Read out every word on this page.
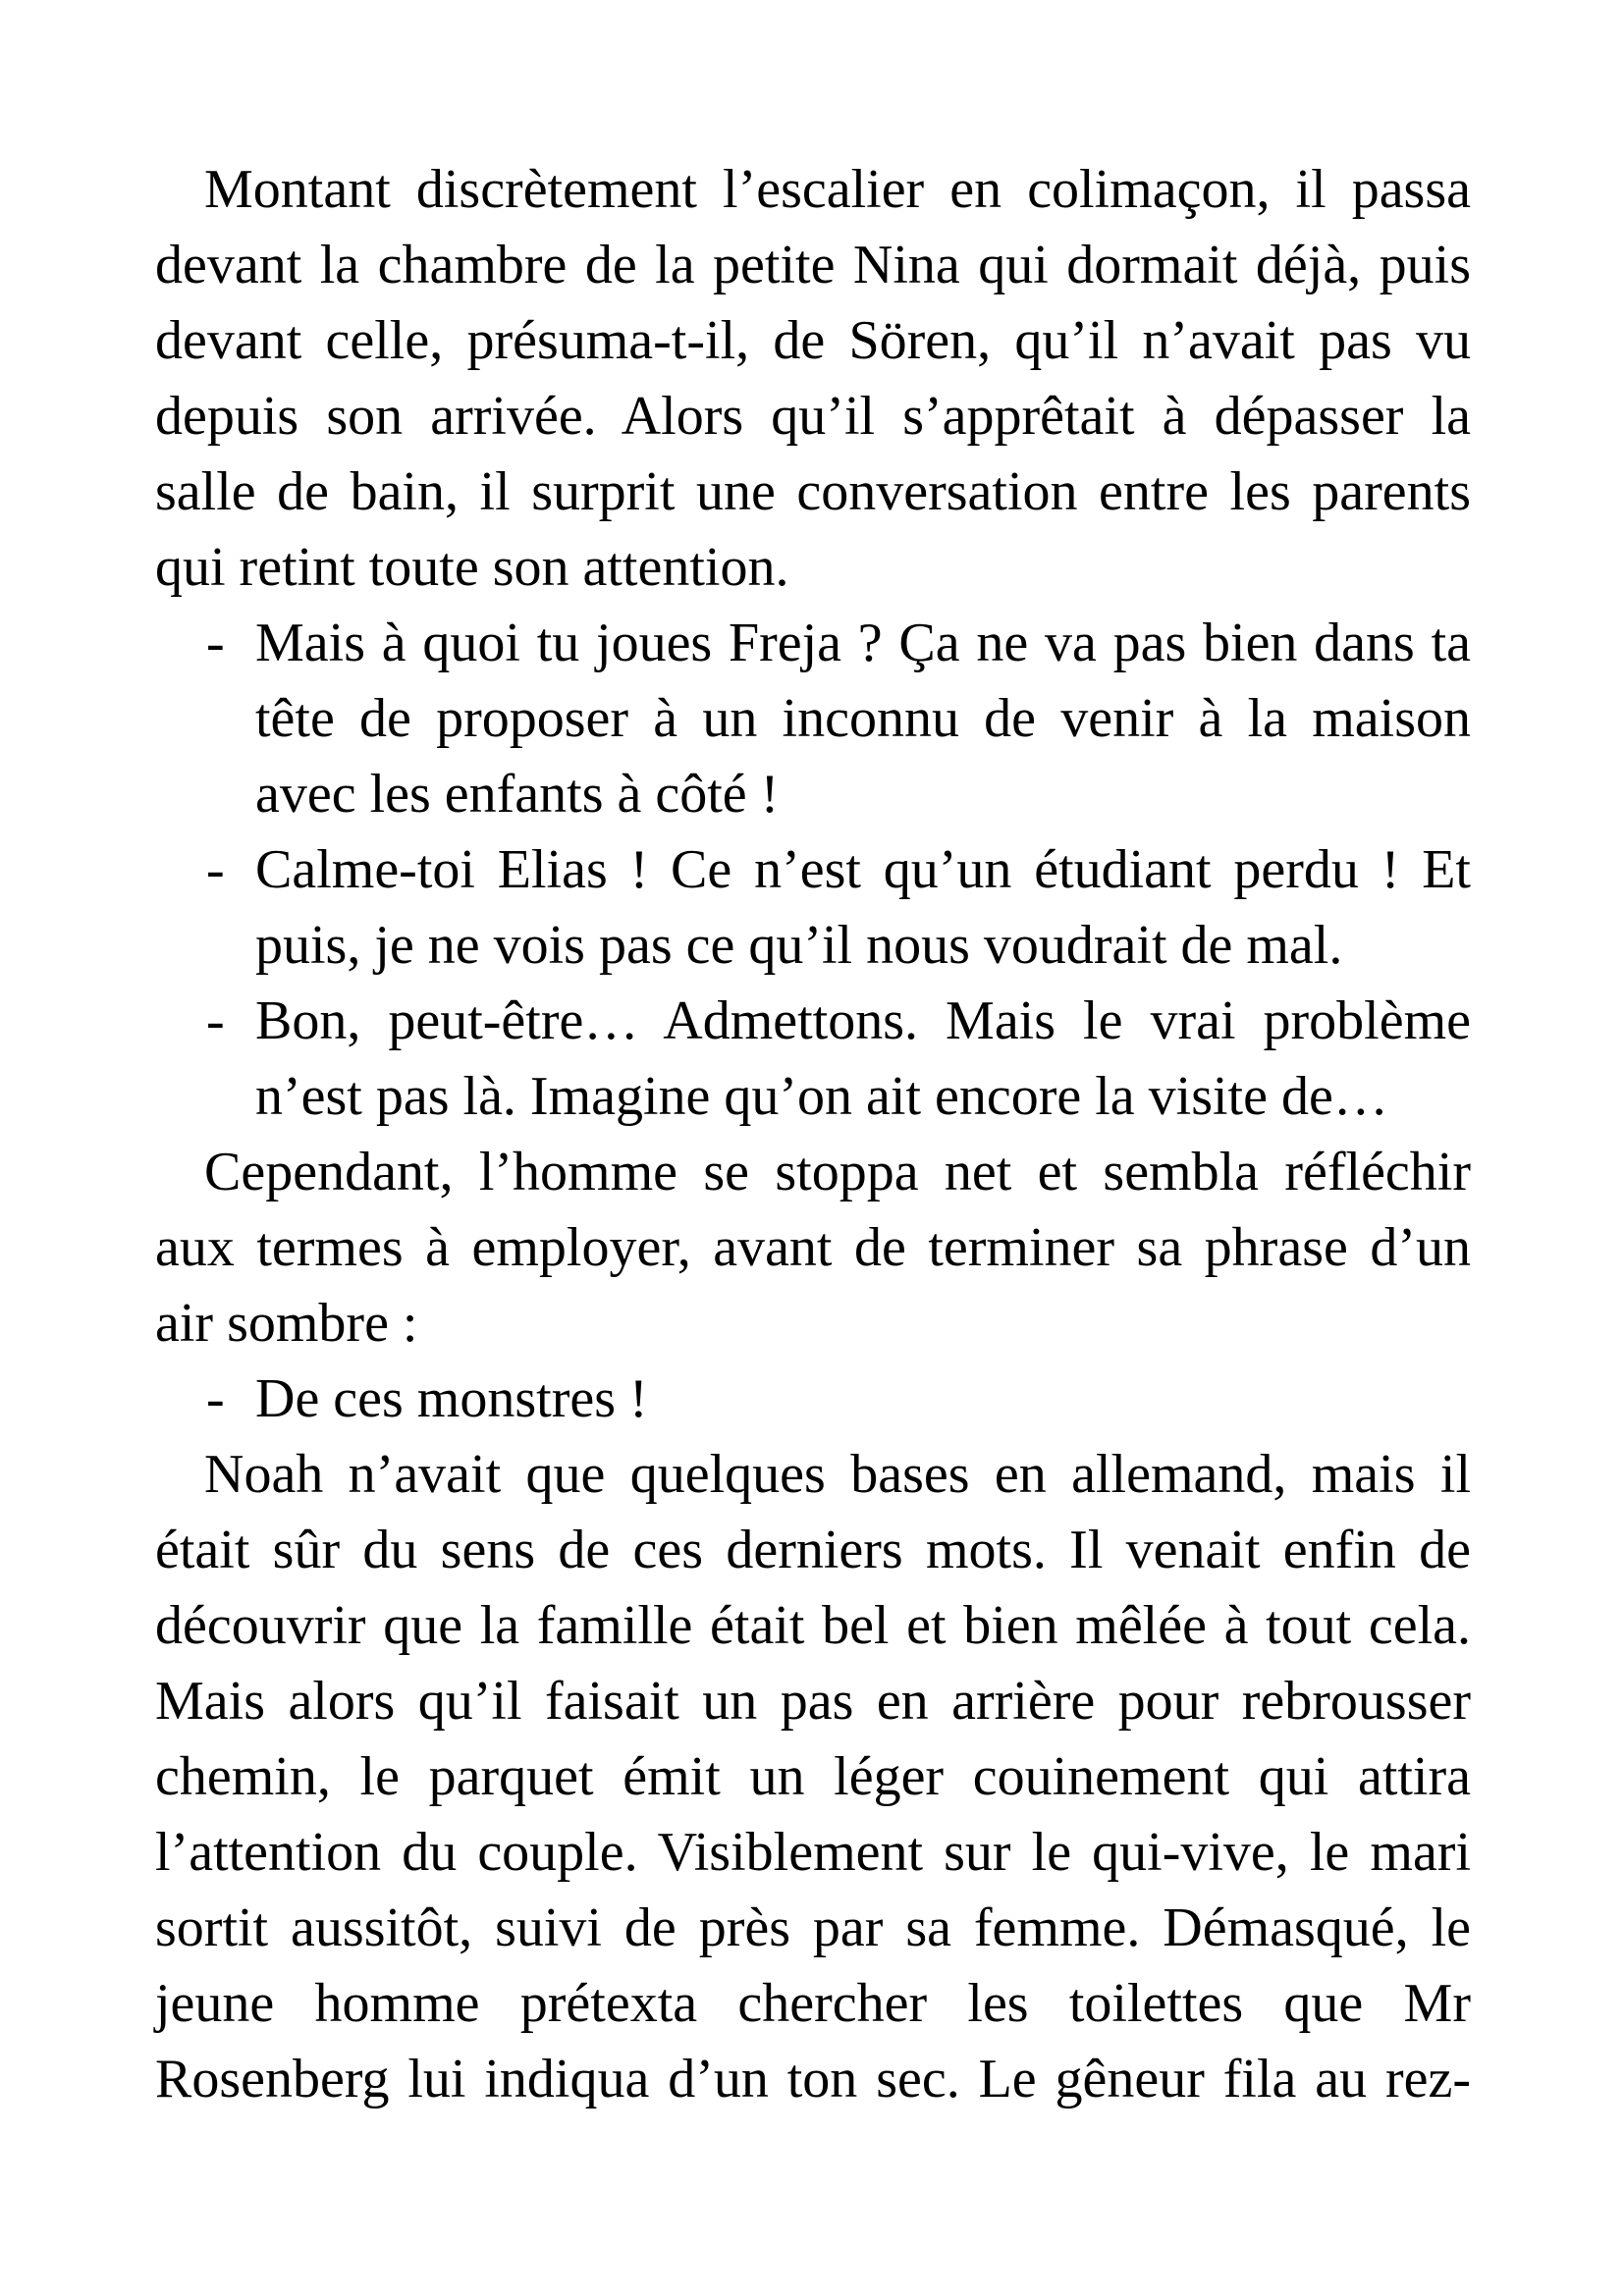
Montant discrètement l’escalier en colimaçon, il passa
devant la chambre de la petite Nina qui dormait déjà, puis
devant celle, présuma-t-il, de Sören, qu’il n’avait pas vu
depuis son arrivée. Alors qu’il s’apprêtait à dépasser la
salle de bain, il surprit une conversation entre les parents
qui retint toute son attention.
- Mais à quoi tu joues Freja ? Ça ne va pas bien dans ta
tête de proposer à un inconnu de venir à la maison
avec les enfants à côté !
- Calme-toi Elias ! Ce n’est qu’un étudiant perdu ! Et
puis, je ne vois pas ce qu’il nous voudrait de mal.
- Bon, peut-être… Admettons. Mais le vrai problème
n’est pas là. Imagine qu’on ait encore la visite de…
Cependant, l’homme se stoppa net et sembla réfléchir
aux termes à employer, avant de terminer sa phrase d’un
air sombre :
- De ces monstres !
Noah n’avait que quelques bases en allemand, mais il
était sûr du sens de ces derniers mots. Il venait enfin de
découvrir que la famille était bel et bien mêlée à tout cela.
Mais alors qu’il faisait un pas en arrière pour rebrousser
chemin, le parquet émit un léger couinement qui attira
l’attention du couple. Visiblement sur le qui-vive, le mari
sortit aussitôt, suivi de près par sa femme. Démasqué, le
jeune homme prétexta chercher les toilettes que Mr
Rosenberg lui indiqua d’un ton sec. Le gêneur fila au rez-
